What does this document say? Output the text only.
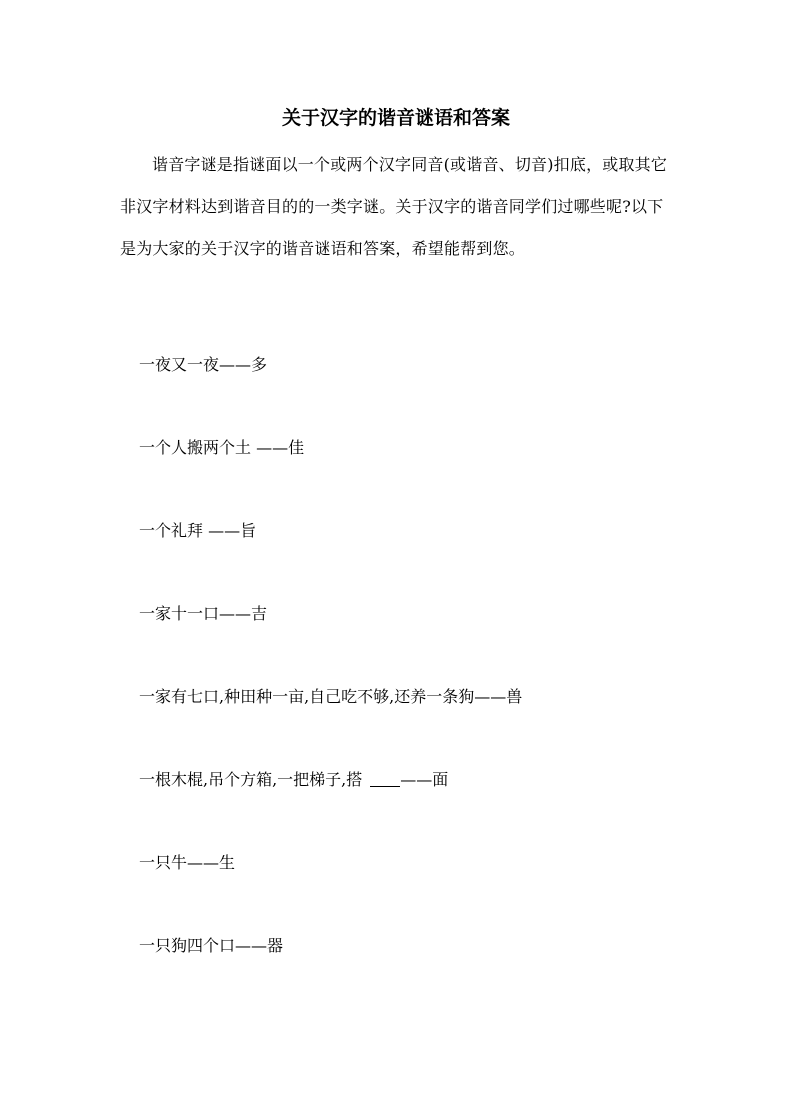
关于汉字的谐音谜语和答案

谐音字谜是指谜面以一个或两个汉字同音(或谐音、切音)扣底，或取其它非汉字材料达到谐音目的的一类字谜。关于汉字的谐音同学们过哪些呢?以下是为大家的关于汉字的谐音谜语和答案，希望能帮到您。

一夜又一夜——多

一个人搬两个土 ——佳

一个礼拜 ——旨

一家十一口——吉

一家有七口,种田种一亩,自己吃不够,还养一条狗——兽

一根木棍,吊个方箱,一把梯子,搭 ——面

一只牛——生

一只狗四个口——器
